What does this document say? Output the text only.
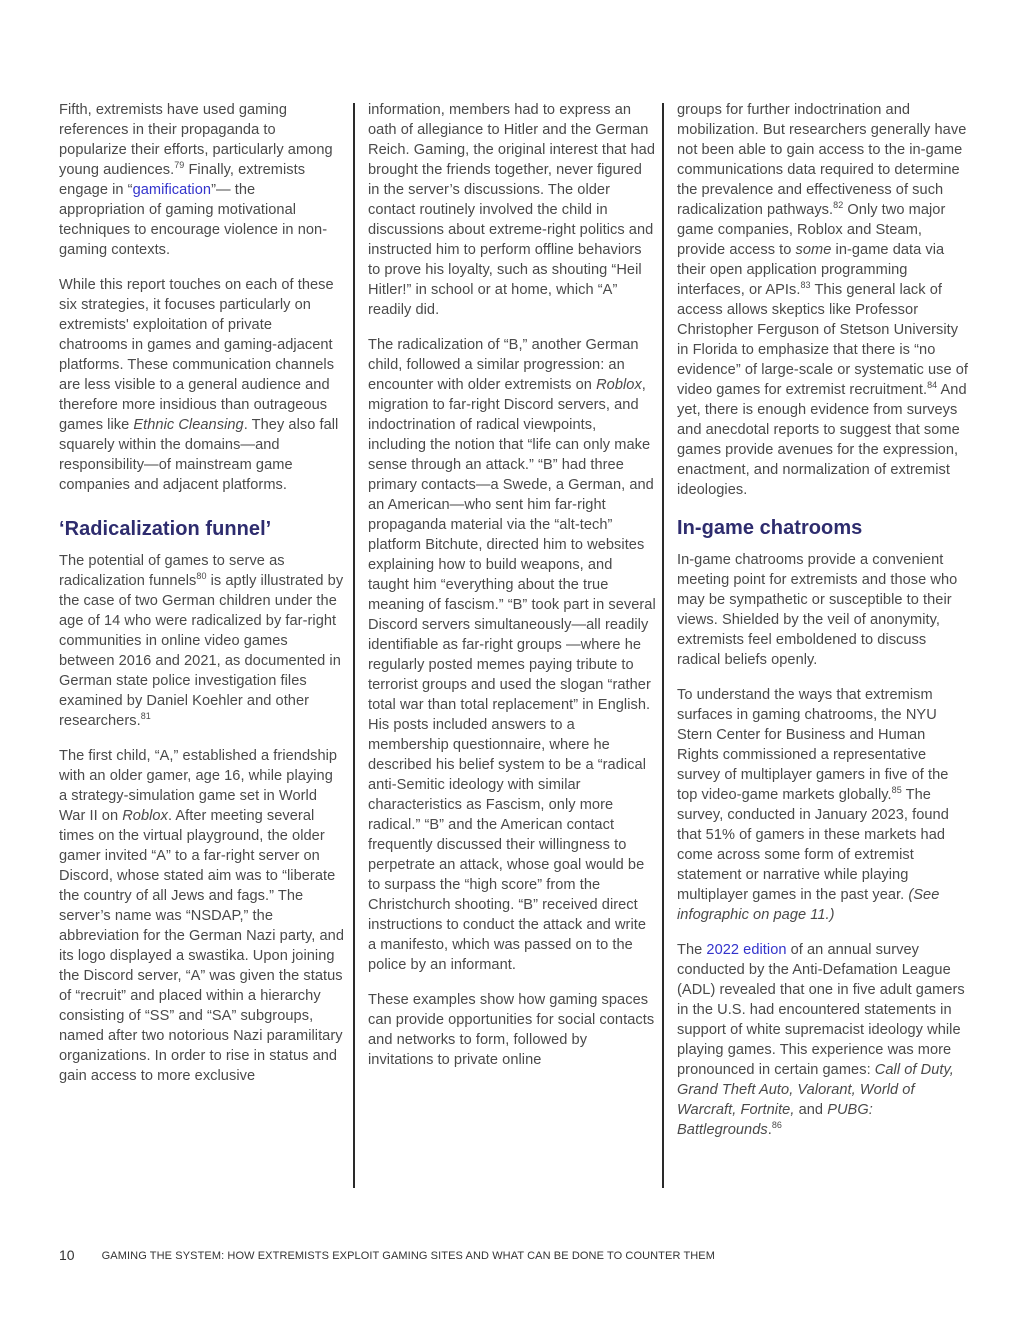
Fifth, extremists have used gaming references in their propaganda to popularize their efforts, particularly among young audiences.$^{79}$ Finally, extremists engage in “gamification”— the appropriation of gaming motivational techniques to encourage violence in non-gaming contexts.

While this report touches on each of these six strategies, it focuses particularly on extremists' exploitation of private chatrooms in games and gaming-adjacent platforms. These communication channels are less visible to a general audience and therefore more insidious than outrageous games like Ethnic Cleansing. They also fall squarely within the domains—and responsibility—of mainstream game companies and adjacent platforms.

‘Radicalization funnel’

The potential of games to serve as radicalization funnels$^{80}$ is aptly illustrated by the case of two German children under the age of 14 who were radicalized by far-right communities in online video games between 2016 and 2021, as documented in German state police investigation files examined by Daniel Koehler and other researchers.$^{81}$

The first child, “A,” established a friendship with an older gamer, age 16, while playing a strategy-simulation game set in World War II on Roblox. After meeting several times on the virtual playground, the older gamer invited “A” to a far-right server on Discord, whose stated aim was to “liberate the country of all Jews and fags.” The server’s name was “NSDAP,” the abbreviation for the German Nazi party, and its logo displayed a swastika. Upon joining the Discord server, “A” was given the status of “recruit” and placed within a hierarchy consisting of “SS” and “SA” subgroups, named after two notorious Nazi paramilitary organizations. In order to rise in status and gain access to more exclusive

information, members had to express an oath of allegiance to Hitler and the German Reich. Gaming, the original interest that had brought the friends together, never figured in the server’s discussions. The older contact routinely involved the child in discussions about extreme-right politics and instructed him to perform offline behaviors to prove his loyalty, such as shouting “Heil Hitler!” in school or at home, which “A” readily did.

The radicalization of “B,” another German child, followed a similar progression: an encounter with older extremists on Roblox, migration to far-right Discord servers, and indoctrination of radical viewpoints, including the notion that “life can only make sense through an attack.” “B” had three primary contacts—a Swede, a German, and an American—who sent him far-right propaganda material via the “alt-tech” platform Bitchute, directed him to websites explaining how to build weapons, and taught him “everything about the true meaning of fascism.” “B” took part in several Discord servers simultaneously—all readily identifiable as far-right groups —where he regularly posted memes paying tribute to terrorist groups and used the slogan “rather total war than total replacement” in English. His posts included answers to a membership questionnaire, where he described his belief system to be a “radical anti-Semitic ideology with similar characteristics as Fascism, only more radical.” “B” and the American contact frequently discussed their willingness to perpetrate an attack, whose goal would be to surpass the “high score” from the Christchurch shooting. “B” received direct instructions to conduct the attack and write a manifesto, which was passed on to the police by an informant.

These examples show how gaming spaces can provide opportunities for social contacts and networks to form, followed by invitations to private online

groups for further indoctrination and mobilization. But researchers generally have not been able to gain access to the in-game communications data required to determine the prevalence and effectiveness of such radicalization pathways.$^{82}$ Only two major game companies, Roblox and Steam, provide access to some in-game data via their open application programming interfaces, or APIs.$^{83}$ This general lack of access allows skeptics like Professor Christopher Ferguson of Stetson University in Florida to emphasize that there is “no evidence” of large-scale or systematic use of video games for extremist recruitment.$^{84}$ And yet, there is enough evidence from surveys and anecdotal reports to suggest that some games provide avenues for the expression, enactment, and normalization of extremist ideologies.

In-game chatrooms

In-game chatrooms provide a convenient meeting point for extremists and those who may be sympathetic or susceptible to their views. Shielded by the veil of anonymity, extremists feel emboldened to discuss radical beliefs openly.

To understand the ways that extremism surfaces in gaming chatrooms, the NYU Stern Center for Business and Human Rights commissioned a representative survey of multiplayer gamers in five of the top video-game markets globally.$^{85}$ The survey, conducted in January 2023, found that 51% of gamers in these markets had come across some form of extremist statement or narrative while playing multiplayer games in the past year. (See infographic on page 11.)

The 2022 edition of an annual survey conducted by the Anti-Defamation League (ADL) revealed that one in five adult gamers in the U.S. had encountered statements in support of white supremacist ideology while playing games. This experience was more pronounced in certain games: Call of Duty, Grand Theft Auto, Valorant, World of Warcraft, Fortnite, and PUBG: Battlegrounds.$^{86}$

10 GAMING THE SYSTEM: HOW EXTREMISTS EXPLOIT GAMING SITES AND WHAT CAN BE DONE TO COUNTER THEM
